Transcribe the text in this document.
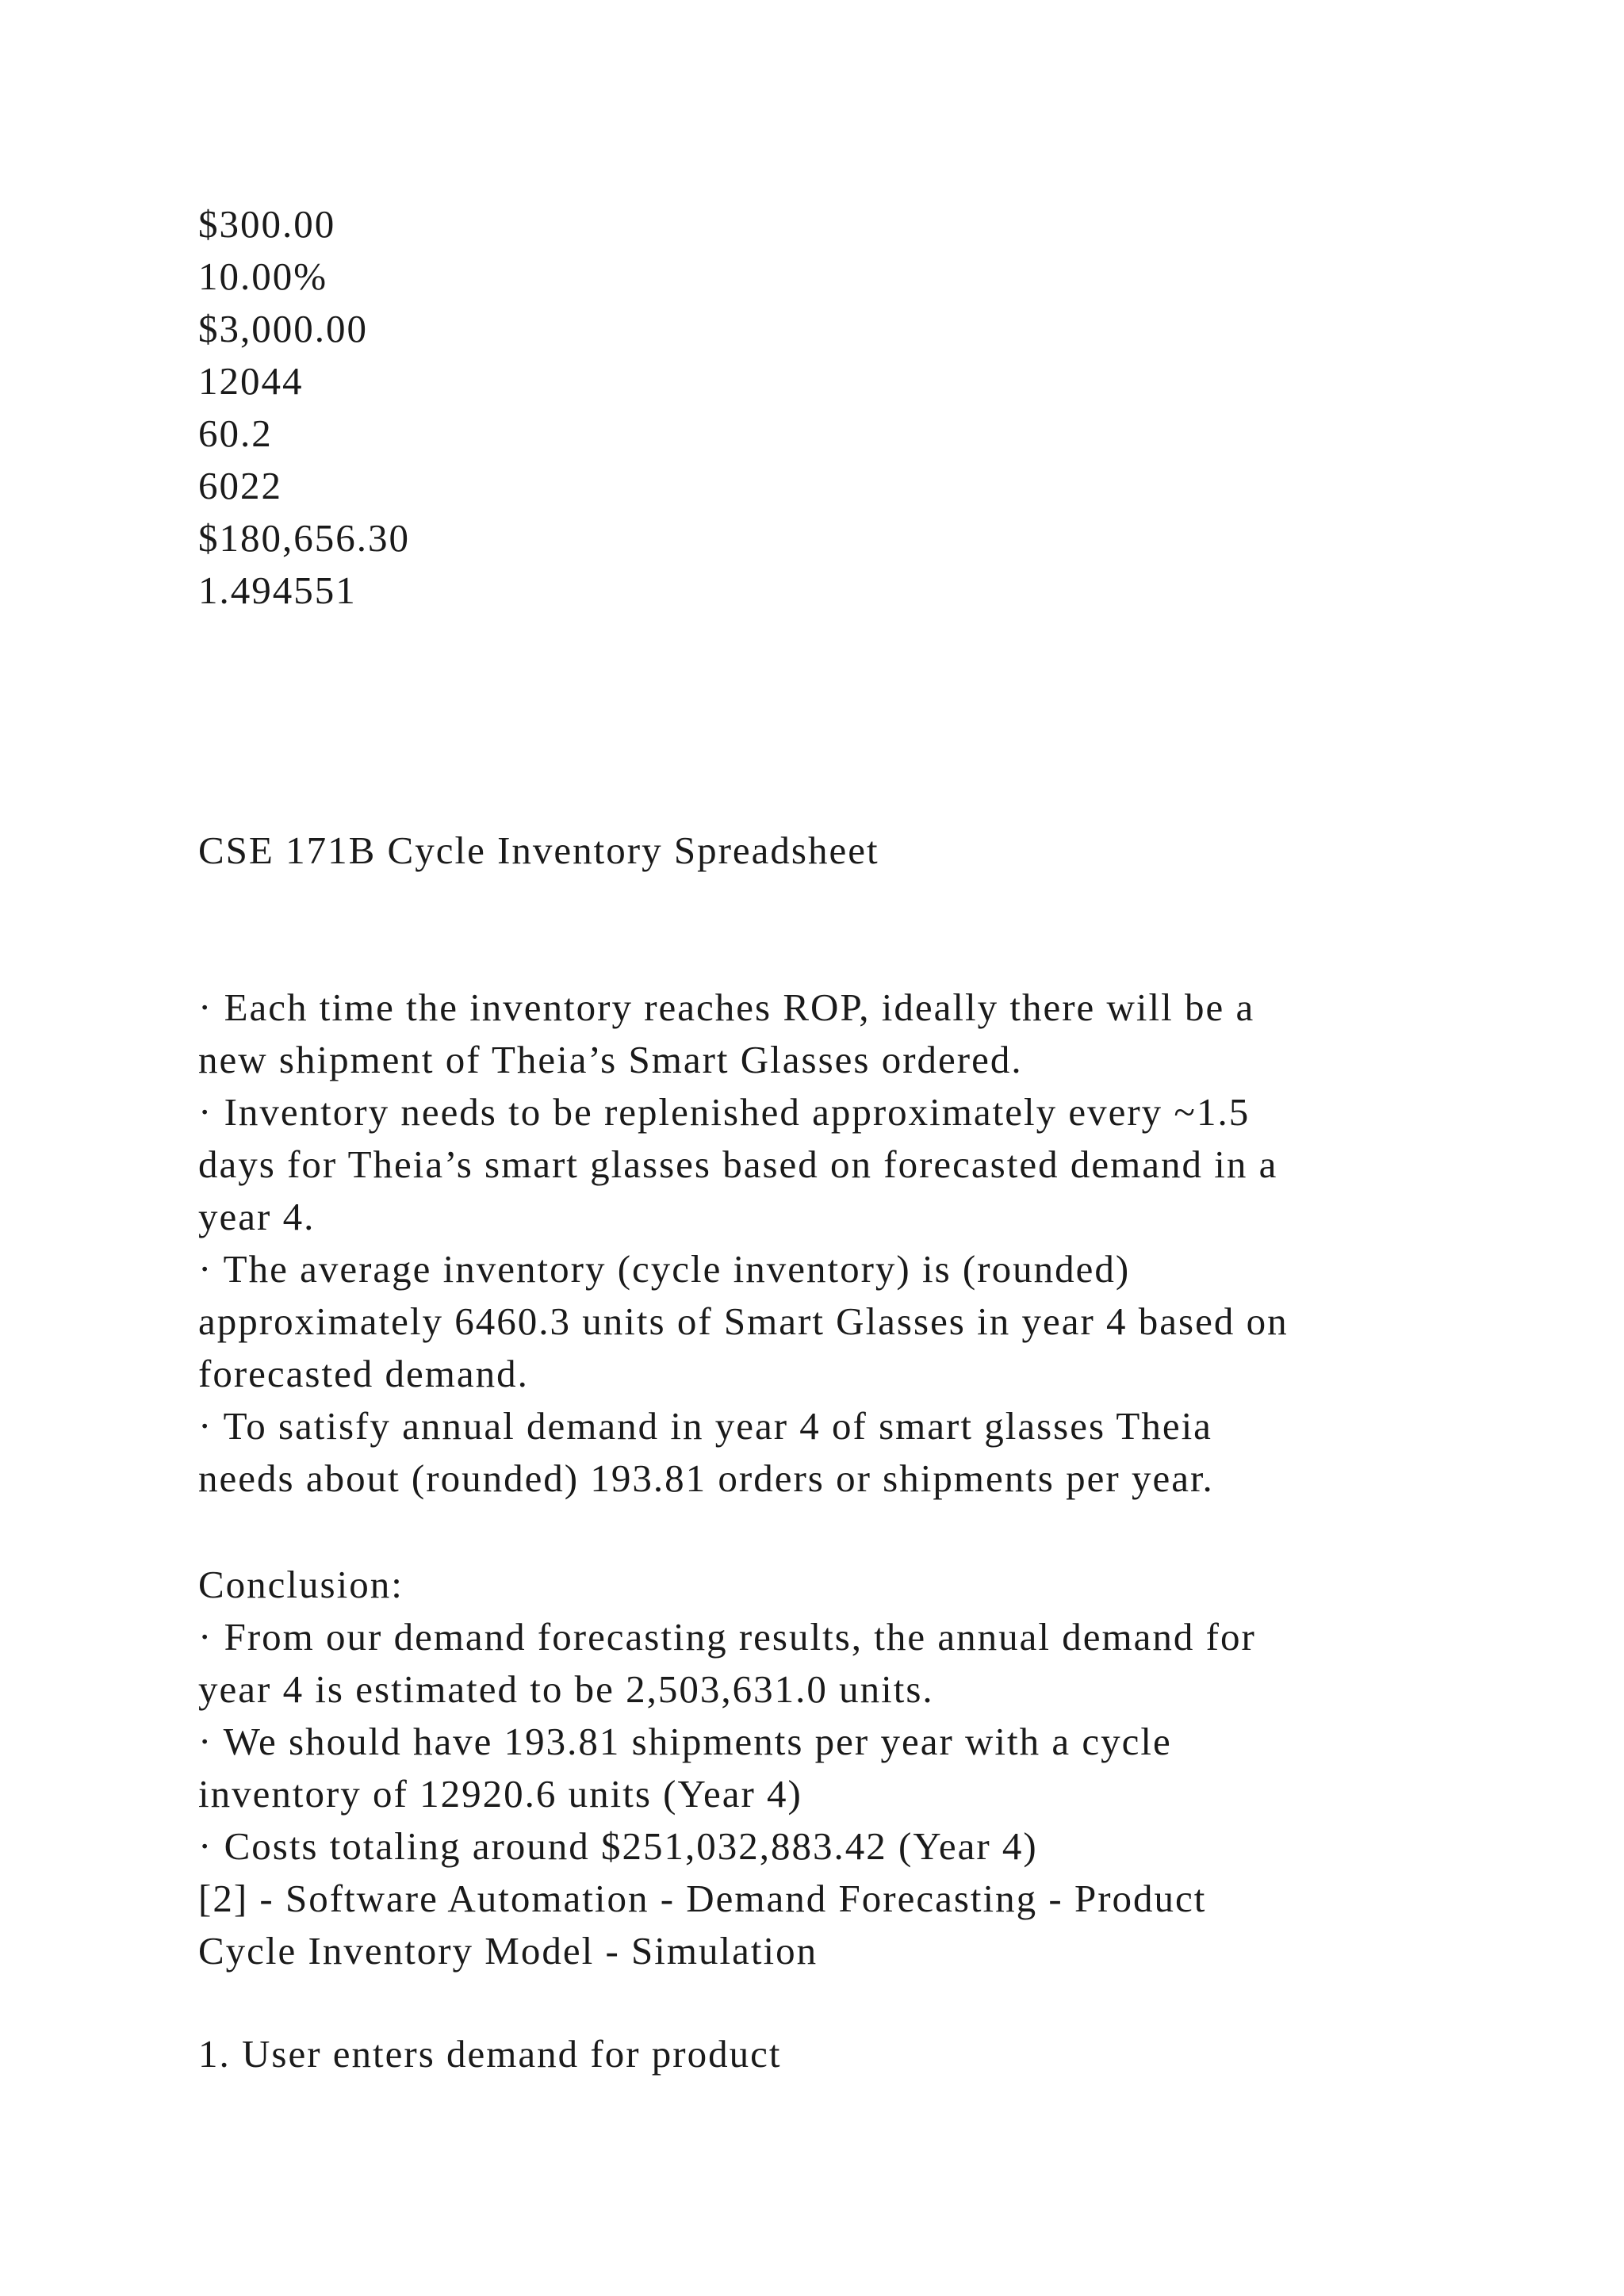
$300.00
10.00%
$3,000.00
12044
60.2
6022
$180,656.30
1.494551
CSE 171B Cycle Inventory Spreadsheet
· Each time the inventory reaches ROP, ideally there will be a
new shipment of Theia’s Smart Glasses ordered.
· Inventory needs to be replenished approximately every ~1.5
days for Theia’s smart glasses based on forecasted demand in a
year 4.
· The average inventory (cycle inventory) is (rounded)
approximately 6460.3 units of Smart Glasses in year 4 based on
forecasted demand.
· To satisfy annual demand in year 4 of smart glasses Theia
needs about (rounded) 193.81 orders or shipments per year.
Conclusion:
· From our demand forecasting results, the annual demand for
year 4 is estimated to be 2,503,631.0 units.
· We should have 193.81 shipments per year with a cycle
inventory of 12920.6 units (Year 4)
· Costs totaling around $251,032,883.42 (Year 4)
[2] - Software Automation - Demand Forecasting - Product
Cycle Inventory Model - Simulation
1. User enters demand for product
